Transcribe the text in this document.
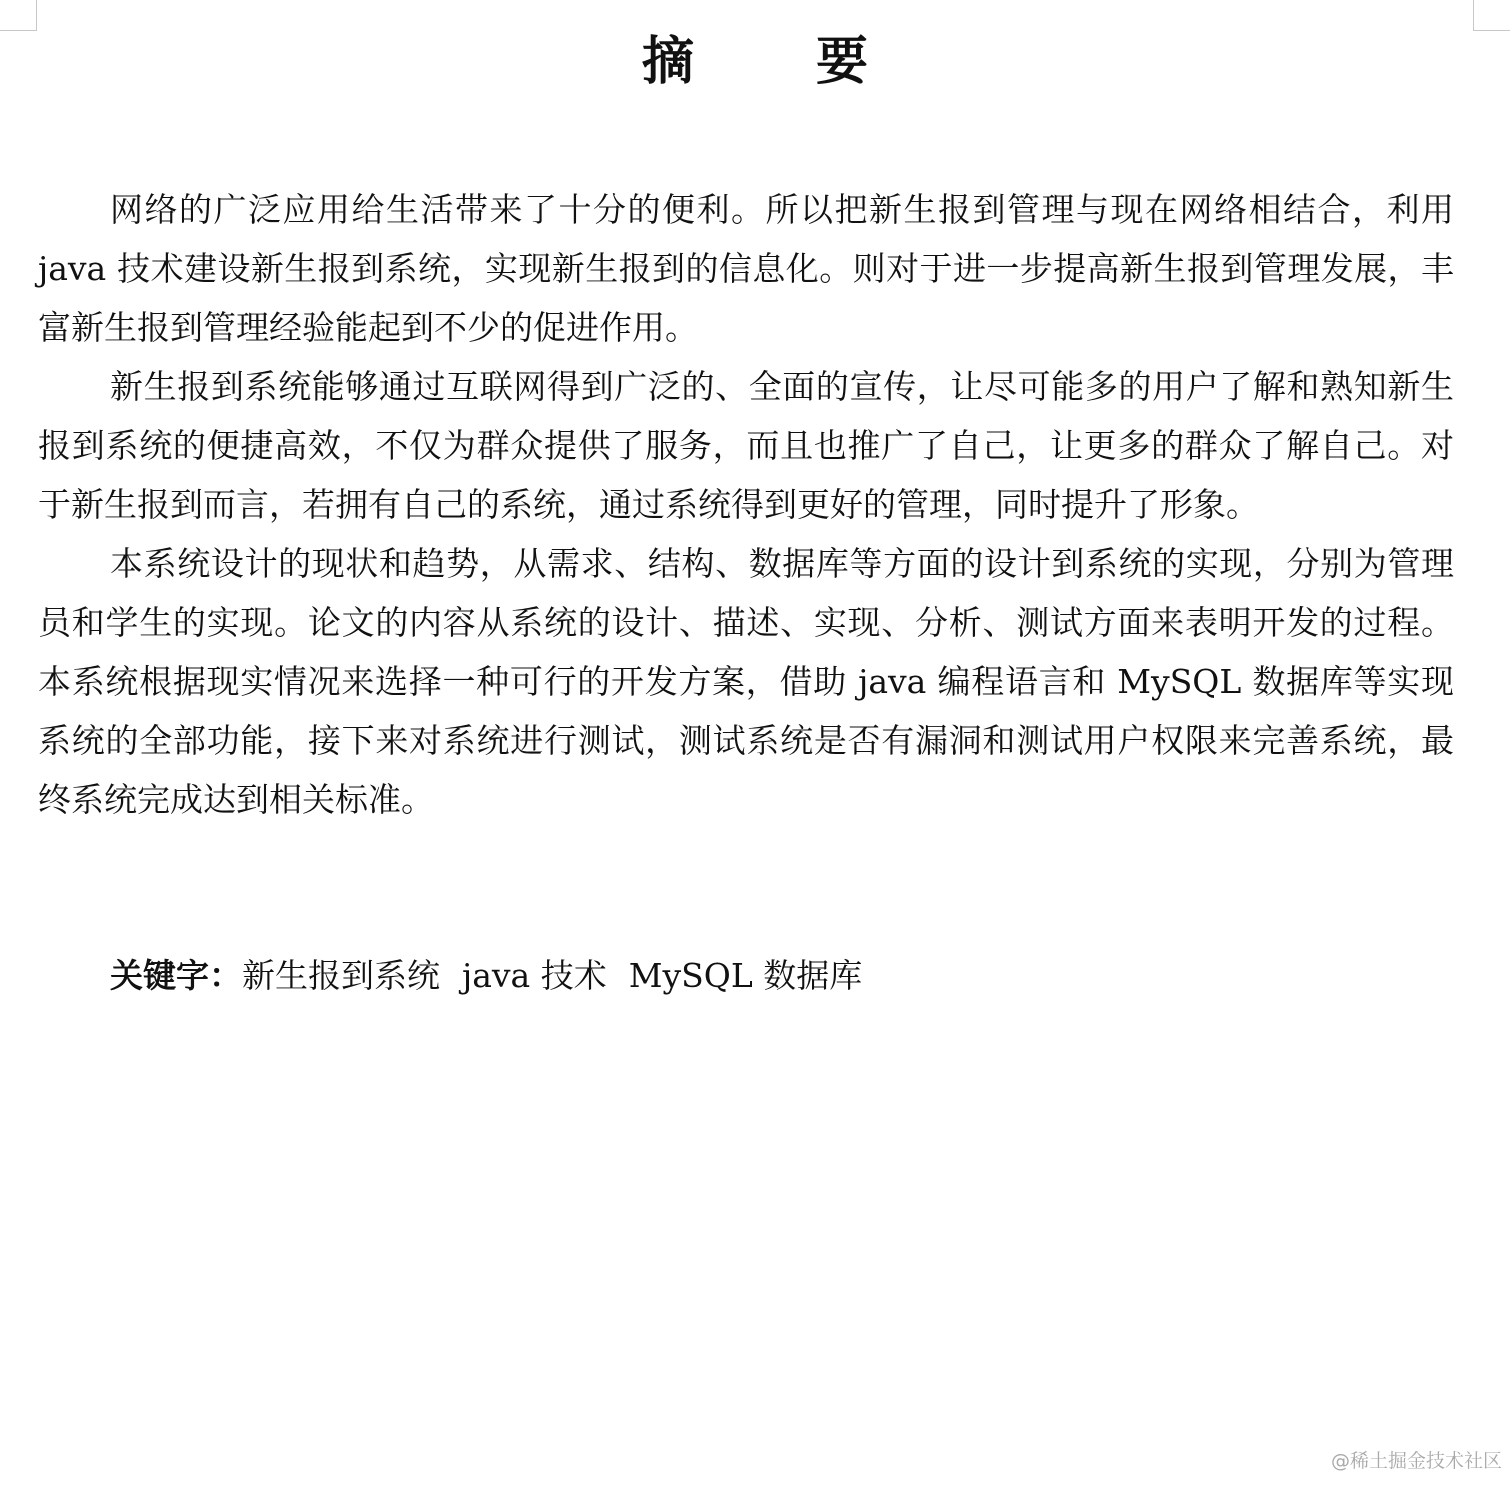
摘 要

网络的广泛应用给生活带来了十分的便利。所以把新生报到管理与现在网络相结合，利用 java 技术建设新生报到系统，实现新生报到的信息化。则对于进一步提高新生报到管理发展，丰富新生报到管理经验能起到不少的促进作用。

新生报到系统能够通过互联网得到广泛的、全面的宣传，让尽可能多的用户了解和熟知新生报到系统的便捷高效，不仅为群众提供了服务，而且也推广了自己，让更多的群众了解自己。对于新生报到而言，若拥有自己的系统，通过系统得到更好的管理，同时提升了形象。

本系统设计的现状和趋势，从需求、结构、数据库等方面的设计到系统的实现，分别为管理员和学生的实现。论文的内容从系统的设计、描述、实现、分析、测试方面来表明开发的过程。本系统根据现实情况来选择一种可行的开发方案，借助 java 编程语言和 MySQL 数据库等实现系统的全部功能，接下来对系统进行测试，测试系统是否有漏洞和测试用户权限来完善系统，最终系统完成达到相关标准。

关键字：新生报到系统 java 技术 MySQL 数据库
@稀土掘金技术社区
